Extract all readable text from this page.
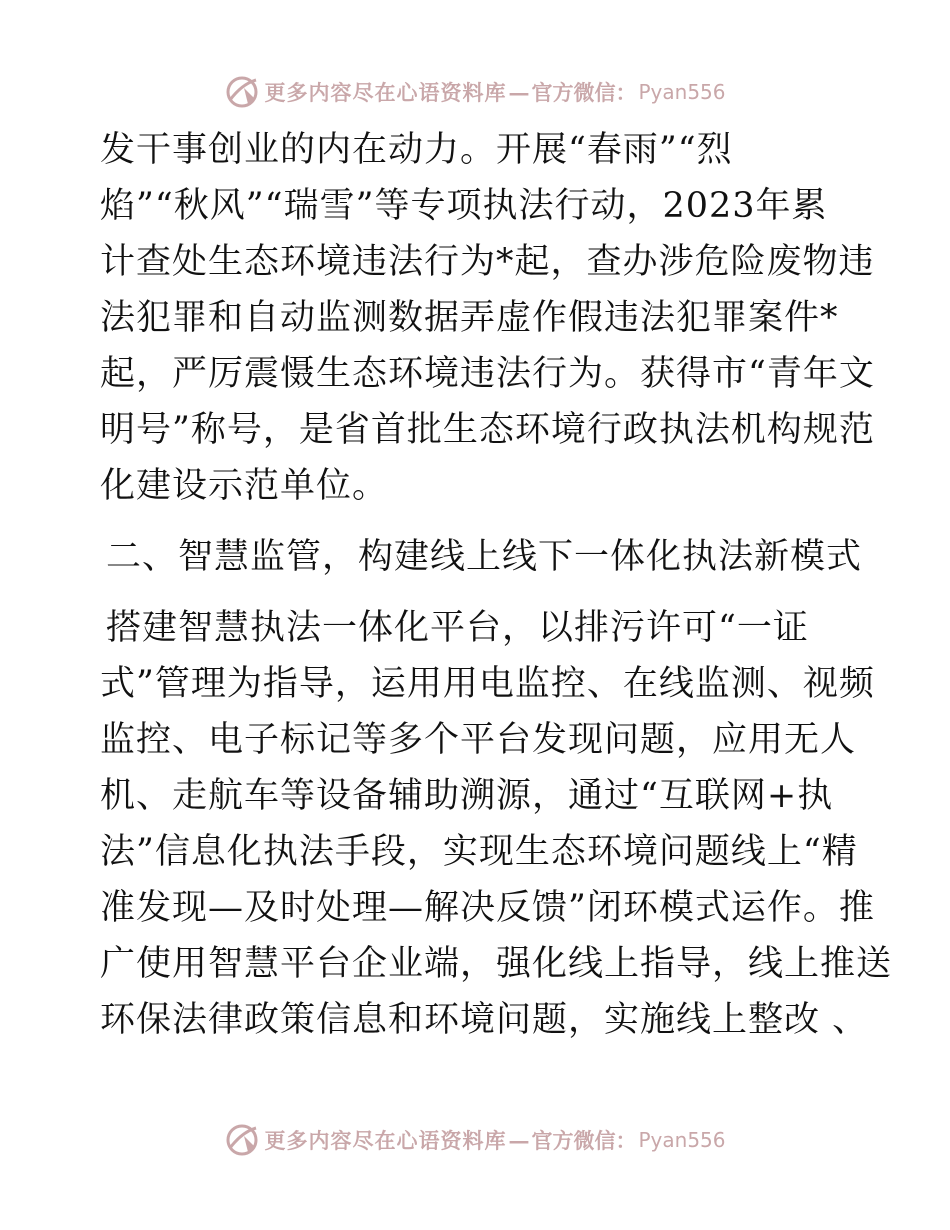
更多内容尽在心语资料库 — 官方微信： Pyan556
发干事创业的内在动力。开展“春雨”“烈
焰”“秋风”“瑞雪”等专项执法行动，2023年累
计查处生态环境违法行为*起，查办涉危险废物违
法犯罪和自动监测数据弄虚作假违法犯罪案件*
起，严厉震慑生态环境违法行为。获得市“青年文
明号”称号，是省首批生态环境行政执法机构规范
化建设示范单位。
二、智慧监管，构建线上线下一体化执法新模式
搭建智慧执法一体化平台，以排污许可“一证
式”管理为指导，运用用电监控、在线监测、视频
监控、电子标记等多个平台发现问题，应用无人
机、走航车等设备辅助溯源，通过“互联网+执
法”信息化执法手段，实现生态环境问题线上“精
准发现—及时处理—解决反馈”闭环模式运作。推
广使用智慧平台企业端，强化线上指导，线上推送
环保法律政策信息和环境问题，实施线上整改 、
更多内容尽在心语资料库 — 官方微信： Pyan556
